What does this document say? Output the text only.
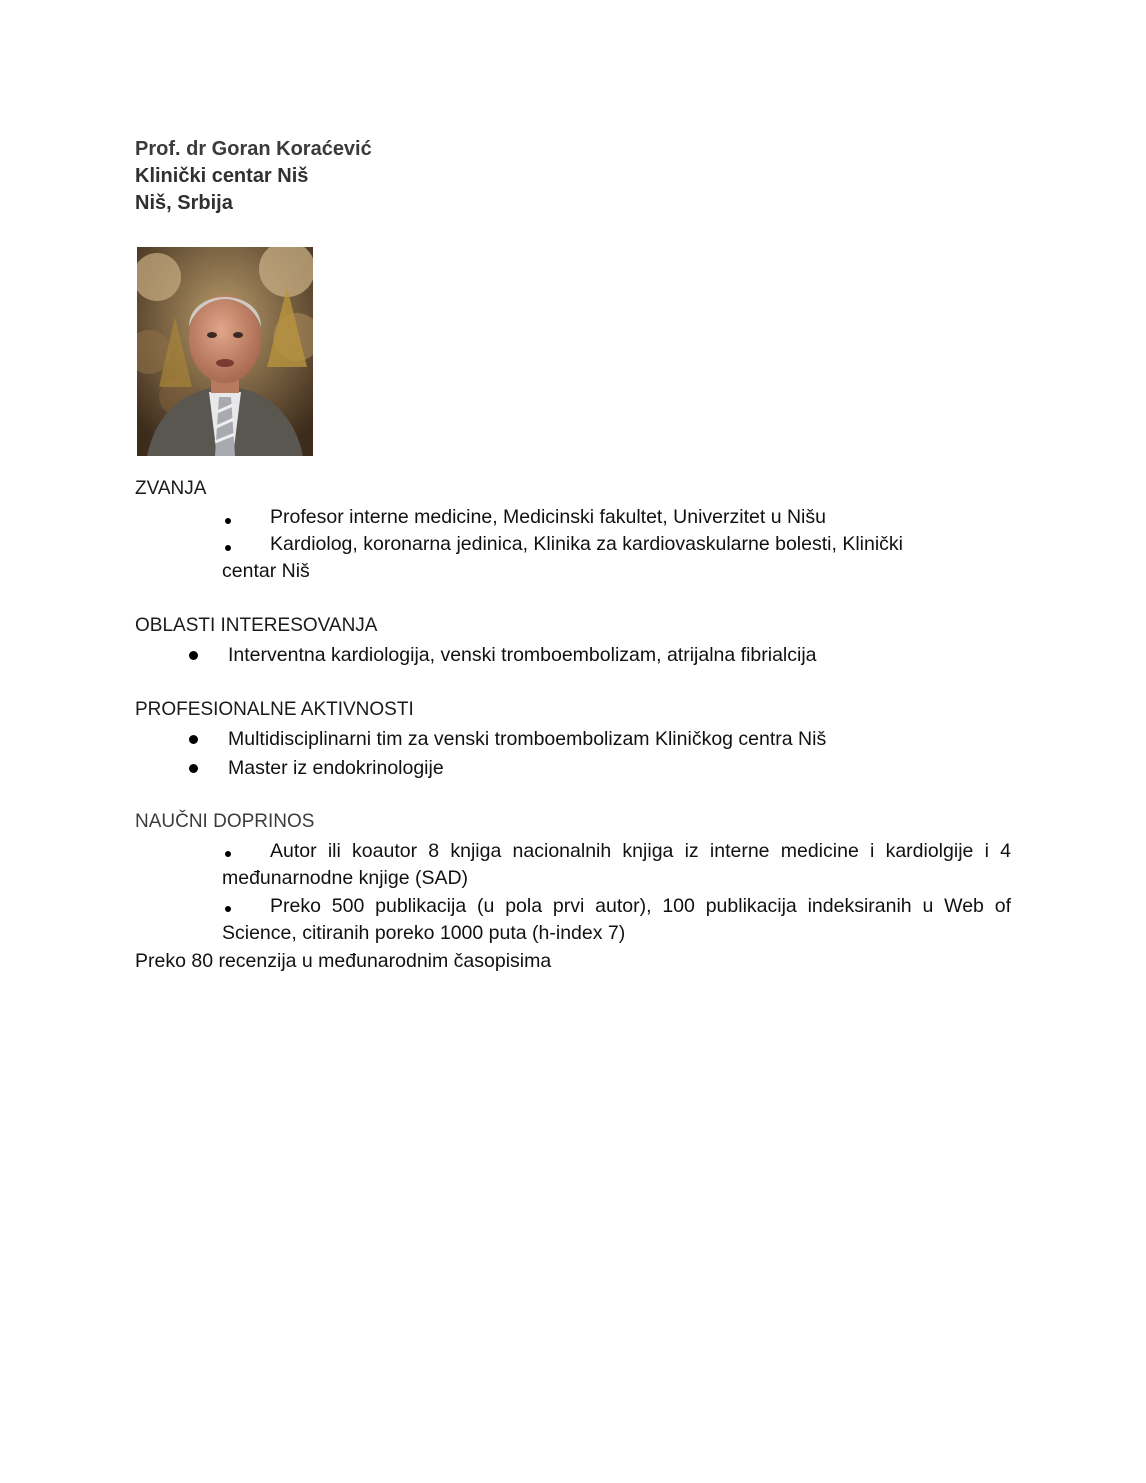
Prof. dr Goran Koraćević
Klinički centar Niš
Niš, Srbija
ZVANJA
Profesor interne medicine, Medicinski fakultet, Univerzitet u Nišu
Kardiolog, koronarna jedinica, Klinika za kardiovaskularne bolesti, Klinički
centar Niš
OBLASTI INTERESOVANJA
Interventna kardiologija, venski tromboembolizam, atrijalna fibrialcija
PROFESIONALNE AKTIVNOSTI
Multidisciplinarni tim za venski tromboembolizam Kliničkog centra Niš
Master iz endokrinologije
NAUČNI DOPRINOS
Autor ili koautor 8 knjiga nacionalnih knjiga iz interne medicine i kardiolgije i 4 međunarnodne knjige (SAD)
Preko 500 publikacija (u pola prvi autor), 100 publikacija indeksiranih u Web of Science, citiranih poreko 1000 puta (h-index 7)
Preko 80 recenzija u međunarodnim časopisima
